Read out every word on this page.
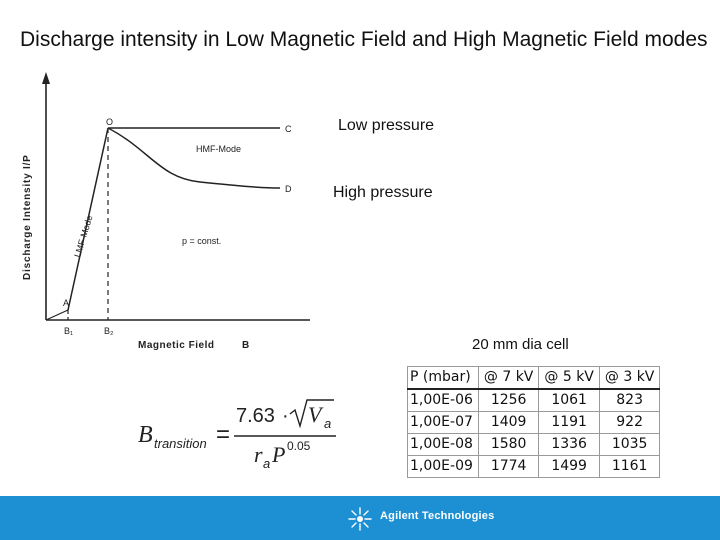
Discharge intensity in Low Magnetic Field and High Magnetic Field modes
Discharge Intensity I/P
O
C
D
A
HMF-Mode
LMF-Mode	p = const.
B₁	B₂
Magnetic Field	B
Low pressure
High pressure
20 mm dia cell
B transition =
7.63 · V a
r a P 0.05
P (mbar)	@ 7 kV	@ 5 kV	@ 3 kV
1,00E-06	1256	1061	823
1,00E-07	1409	1191	922
1,00E-08	1580	1336	1035
1,00E-09	1774	1499	1161
Agilent Technologies
